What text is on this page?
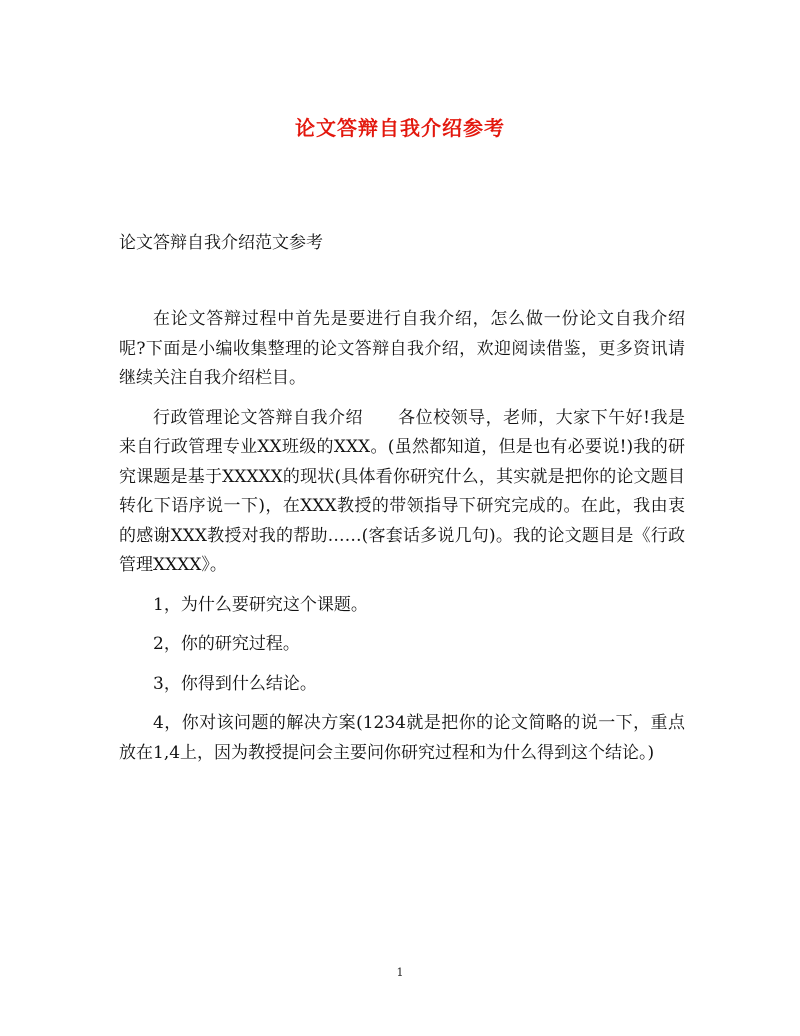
论文答辩自我介绍参考

论文答辩自我介绍范文参考

在论文答辩过程中首先是要进行自我介绍，怎么做一份论文自我介绍呢?下面是小编收集整理的论文答辩自我介绍，欢迎阅读借鉴，更多资讯请继续关注自我介绍栏目。

行政管理论文答辩自我介绍　　各位校领导，老师，大家下午好!我是来自行政管理专业XX班级的XXX。(虽然都知道，但是也有必要说!)我的研究课题是基于XXXXX的现状(具体看你研究什么，其实就是把你的论文题目转化下语序说一下)，在XXX教授的带领指导下研究完成的。在此，我由衷的感谢XXX教授对我的帮助……(客套话多说几句)。我的论文题目是《行政管理XXXX》。

1，为什么要研究这个课题。

2，你的研究过程。

3，你得到什么结论。

4，你对该问题的解决方案(1234就是把你的论文简略的说一下，重点放在1,4上，因为教授提问会主要问你研究过程和为什么得到这个结论。)

1
